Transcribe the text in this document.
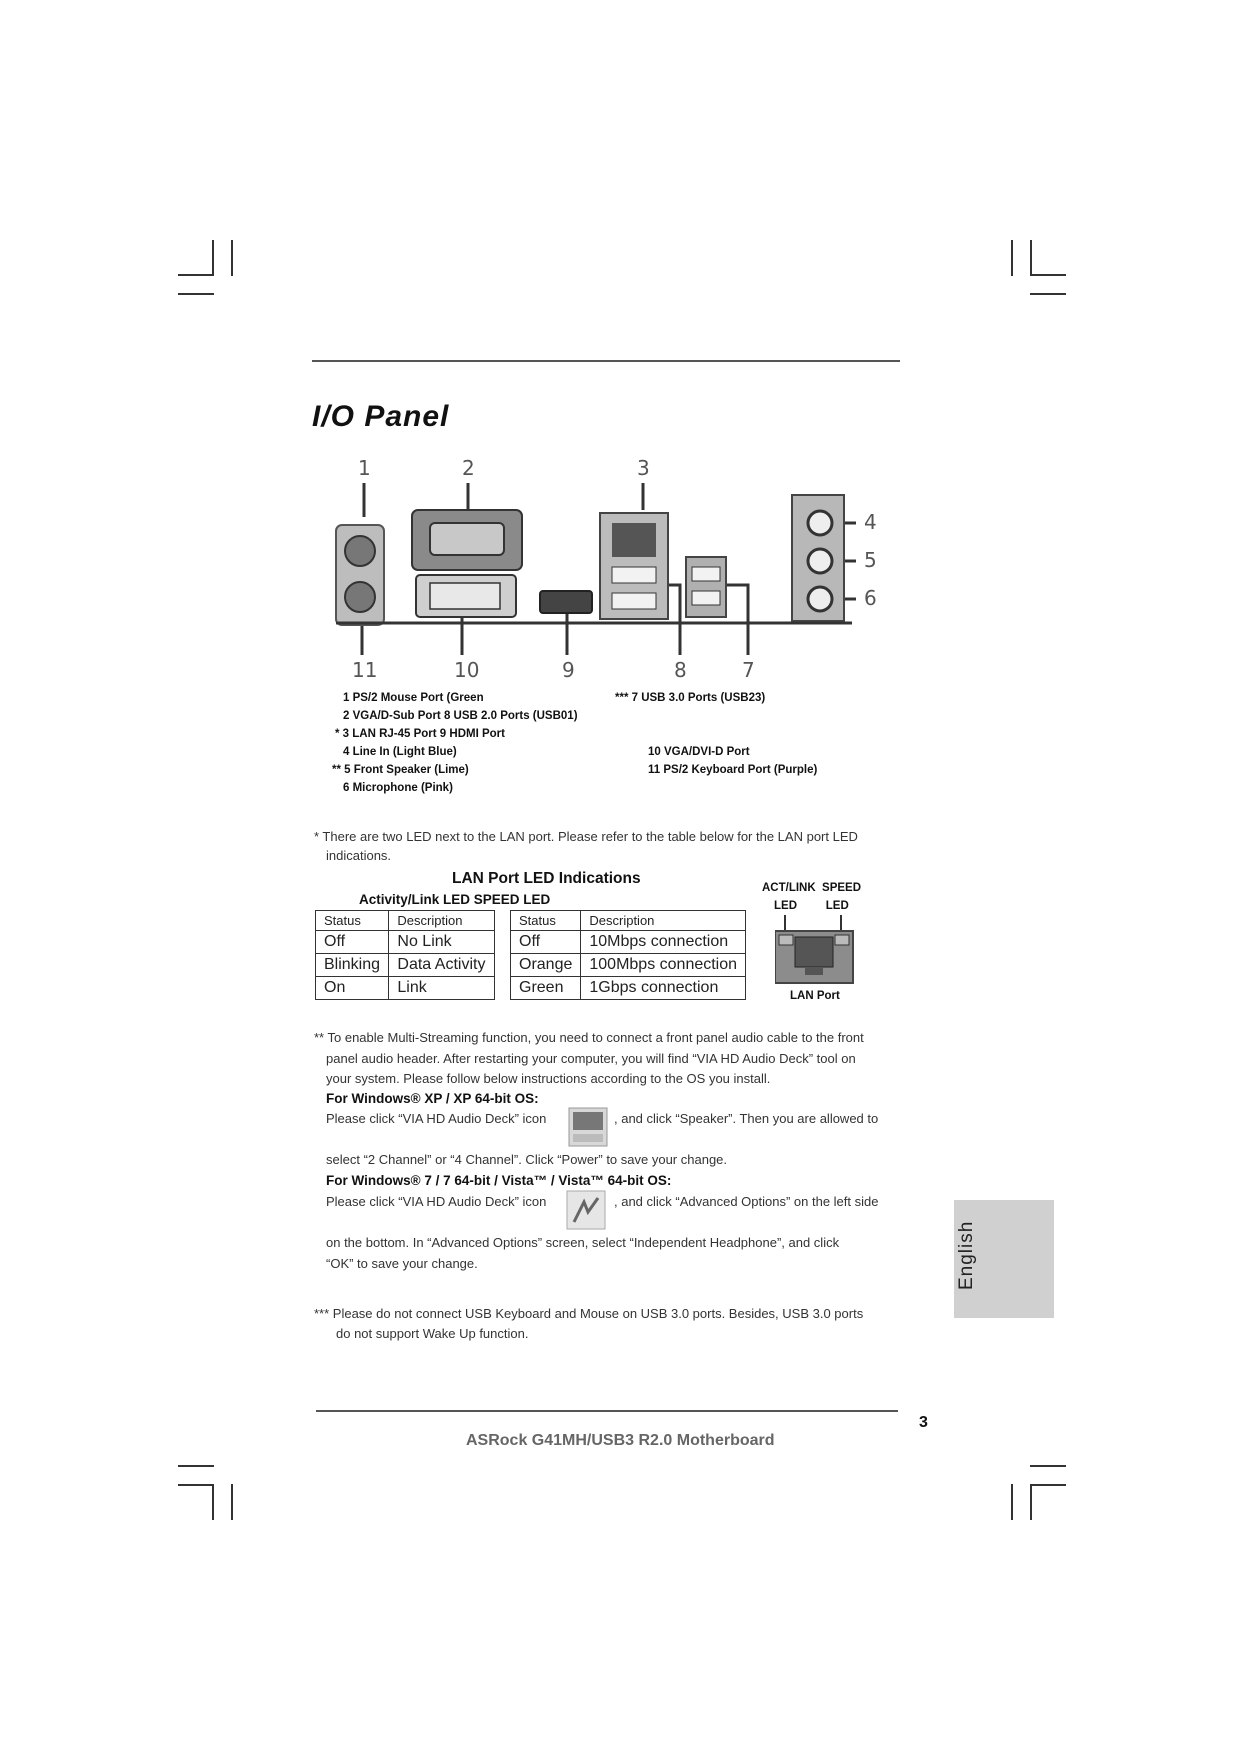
I/O Panel
1	2	3
4
5
6
7
8
9
10
11
1 PS/2 Mouse Port (Green
2 VGA/D-Sub Port 8 USB 2.0 Ports (USB01)
* 3 LAN RJ-45 Port 9 HDMI Port
4 Line In (Light Blue)
** 5 Front Speaker (Lime)
6 Microphone (Pink)
*** 7 USB 3.0 Ports (USB23)
10 VGA/DVI-D Port
11 PS/2 Keyboard Port (Purple)
* There are two LED next to the LAN port. Please refer to the table below for the LAN port LED
indications.
LAN Port LED Indications
Activity/Link LED SPEED LED
Status	Description
Off	No Link
Blinking	Data Activity
On	Link
Status	Description
Off	10Mbps connection
Orange	100Mbps connection
Green	1Gbps connection
ACT/LINK  SPEED
LED         LED
LAN Port
** To enable Multi-Streaming function, you need to connect a front panel audio cable to the front
panel audio header. After restarting your computer, you will find “VIA HD Audio Deck” tool on
your system. Please follow below instructions according to the OS you install.
For Windows® XP / XP 64-bit OS:
Please click “VIA HD Audio Deck” icon	, and click “Speaker”. Then you are allowed to
select “2 Channel” or “4 Channel”. Click “Power” to save your change.
For Windows® 7 / 7 64-bit / Vista™ / Vista™ 64-bit OS:
Please click “VIA HD Audio Deck” icon	, and click “Advanced Options” on the left side
on the bottom. In “Advanced Options” screen, select “Independent Headphone”, and click
“OK” to save your change.
*** Please do not connect USB Keyboard and Mouse on USB 3.0 ports. Besides, USB 3.0 ports
do not support Wake Up function.
English
3
ASRock G41MH/USB3 R2.0 Motherboard
